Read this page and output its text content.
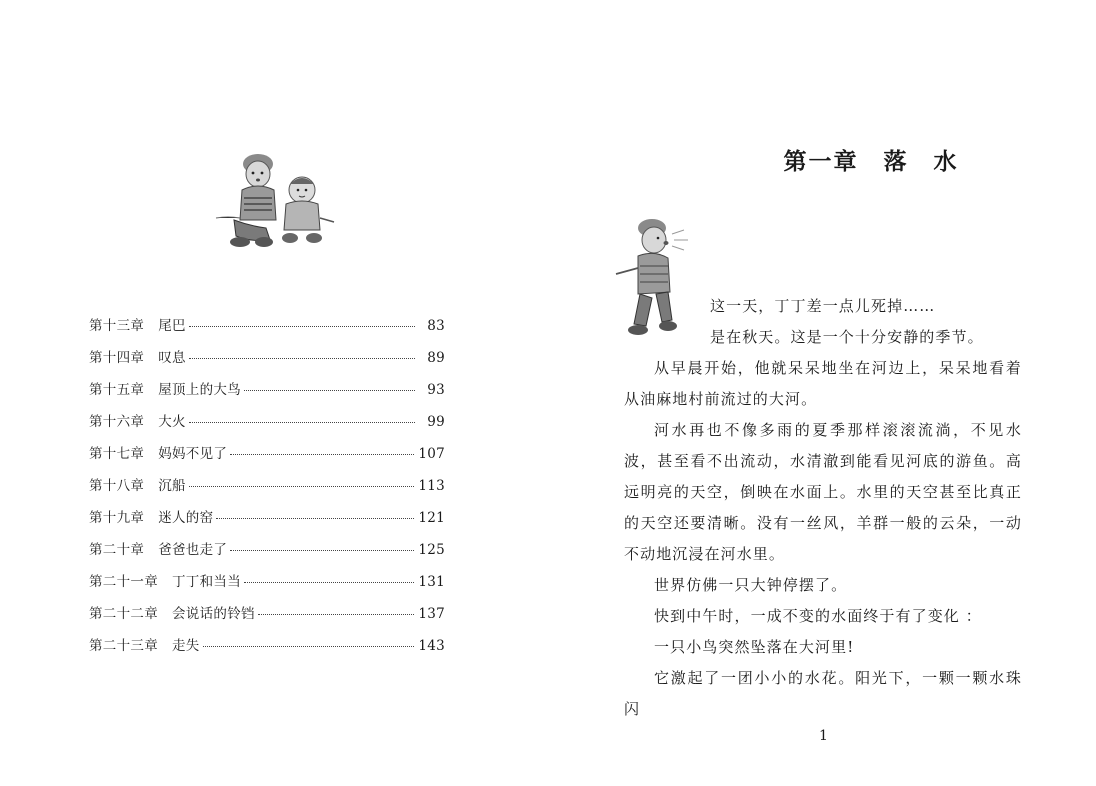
第十三章 尾巴	83
第十四章 叹息	89
第十五章 屋顶上的大鸟	93
第十六章 大火	99
第十七章 妈妈不见了	107
第十八章 沉船	113
第十九章 迷人的窑	121
第二十章 爸爸也走了	125
第二十一章 丁丁和当当	131
第二十二章 会说话的铃铛	137
第二十三章 走失	143
第一章　落　水
这一天，丁丁差一点儿死掉……
是在秋天。这是一个十分安静的季节。

从早晨开始，他就呆呆地坐在河边上，呆呆地看着从油麻地村前流过的大河。

河水再也不像多雨的夏季那样滚滚流淌，不见水波，甚至看不出流动，水清澈到能看见河底的游鱼。高远明亮的天空，倒映在水面上。水里的天空甚至比真正的天空还要清晰。没有一丝风，羊群一般的云朵，一动不动地沉浸在河水里。

世界仿佛一只大钟停摆了。

快到中午时，一成不变的水面终于有了变化 ：

一只小鸟突然坠落在大河里!

它激起了一团小小的水花。阳光下，一颗一颗水珠闪

1
